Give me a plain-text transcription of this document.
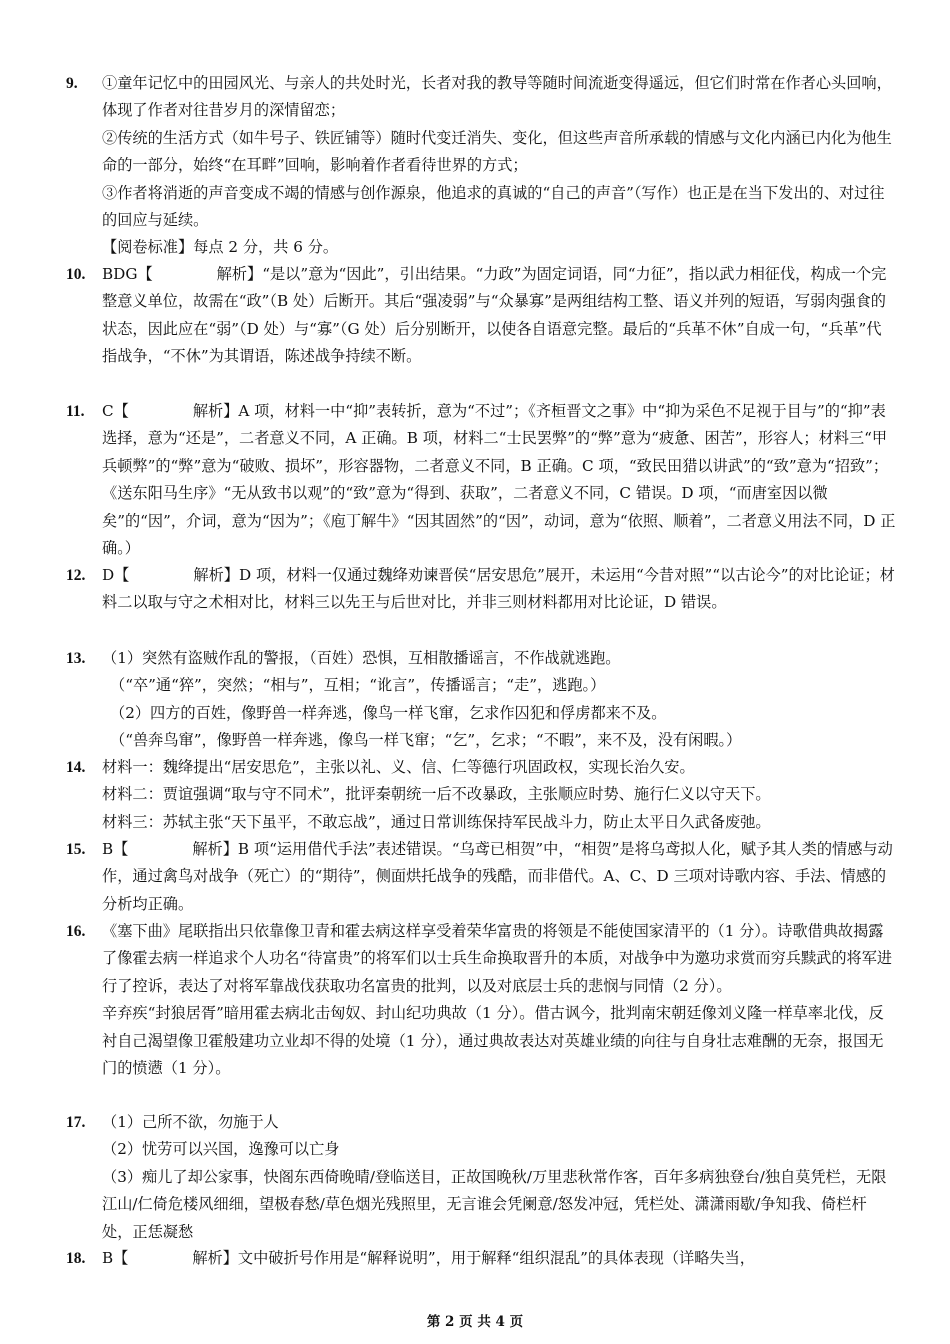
9.	①童年记忆中的田园风光、与亲人的共处时光，长者对我的教导等随时间流逝变得遥远，但它们时常在作者心头回响，体现了作者对往昔岁月的深情留恋；

②传统的生活方式（如牛号子、铁匠铺等）随时代变迁消失、变化，但这些声音所承载的情感与文化内涵已内化为他生命的一部分，始终“在耳畔”回响，影响着作者看待世界的方式；

③作者将消逝的声音变成不竭的情感与创作源泉，他追求的真诚的“自己的声音”（写作）也正是在当下发出的、对过往的回应与延续。

【阅卷标准】每点 2 分，共 6 分。

10.	BDG【	解析】“是以”意为“因此”，引出结果。“力政”为固定词语，同“力征”，指以武力相征伐，构成一个完整意义单位，故需在“政”（B 处）后断开。其后“强凌弱”与“众暴寡”是两组结构工整、语义并列的短语，写弱肉强食的状态，因此应在“弱”（D 处）与“寡”（G 处）后分别断开，以使各自语意完整。最后的“兵革不休”自成一句，“兵革”代指战争，“不休”为其谓语，陈述战争持续不断。

11.	C【	解析】A 项，材料一中“抑”表转折，意为“不过”；《齐桓晋文之事》中“抑为采色不足视于目与”的“抑”表选择，意为“还是”，二者意义不同，A 正确。B 项，材料二“士民罢弊”的“弊”意为“疲惫、困苦”，形容人；材料三“甲兵顿弊”的“弊”意为“破败、损坏”，形容器物，二者意义不同，B 正确。C 项，“致民田猎以讲武”的“致”意为“招致”；《送东阳马生序》“无从致书以观”的“致”意为“得到、获取”，二者意义不同，C 错误。D 项，“而唐室因以微矣”的“因”，介词，意为“因为”；《庖丁解牛》“因其固然”的“因”，动词，意为“依照、顺着”，二者意义用法不同，D 正确。）

12.	D【	解析】D 项，材料一仅通过魏绛劝谏晋侯“居安思危”展开，未运用“今昔对照”“以古论今”的对比论证；材料二以取与守之术相对比，材料三以先王与后世对比，并非三则材料都用对比论证，D 错误。

13.	（1）突然有盗贼作乱的警报，（百姓）恐惧，互相散播谣言，不作战就逃跑。

（“卒”通“猝”，突然；“相与”，互相；“讹言”，传播谣言；“走”，逃跑。）

（2）四方的百姓，像野兽一样奔逃，像鸟一样飞窜，乞求作囚犯和俘虏都来不及。

（“兽奔鸟窜”，像野兽一样奔逃，像鸟一样飞窜；“乞”，乞求；“不暇”，来不及，没有闲暇。）

14.	材料一：魏绛提出“居安思危”，主张以礼、义、信、仁等德行巩固政权，实现长治久安。

材料二：贾谊强调“取与守不同术”，批评秦朝统一后不改暴政，主张顺应时势、施行仁义以守天下。

材料三：苏轼主张“天下虽平，不敢忘战”，通过日常训练保持军民战斗力，防止太平日久武备废弛。

15.	B【	解析】B 项“运用借代手法”表述错误。“乌鸢已相贺”中，“相贺”是将乌鸢拟人化，赋予其人类的情感与动作，通过禽鸟对战争（死亡）的“期待”，侧面烘托战争的残酷，而非借代。A、C、D 三项对诗歌内容、手法、情感的分析均正确。

16.	《塞下曲》尾联指出只依靠像卫青和霍去病这样享受着荣华富贵的将领是不能使国家清平的（1 分）。诗歌借典故揭露了像霍去病一样追求个人功名“待富贵”的将军们以士兵生命换取晋升的本质，对战争中为邀功求赏而穷兵黩武的将军进行了控诉，表达了对将军靠战伐获取功名富贵的批判，以及对底层士兵的悲悯与同情（2 分）。

辛弃疾“封狼居胥”暗用霍去病北击匈奴、封山纪功典故（1 分）。借古讽今，批判南宋朝廷像刘义隆一样草率北伐，反衬自己渴望像卫霍般建功立业却不得的处境（1 分），通过典故表达对英雄业绩的向往与自身壮志难酬的无奈，报国无门的愤懑（1 分）。

17.	（1）己所不欲，勿施于人

（2）忧劳可以兴国，逸豫可以亡身

（3）痴儿了却公家事，快阁东西倚晚晴/登临送目，正故国晚秋/万里悲秋常作客，百年多病独登台/独自莫凭栏，无限江山/仁倚危楼风细细，望极春愁/草色烟光残照里，无言谁会凭阑意/怒发冲冠，凭栏处、潇潇雨歇/争知我、倚栏杆处，正恁凝愁

18.	B【	解析】文中破折号作用是“解释说明”，用于解释“组织混乱”的具体表现（详略失当，

第 2 页 共 4 页
